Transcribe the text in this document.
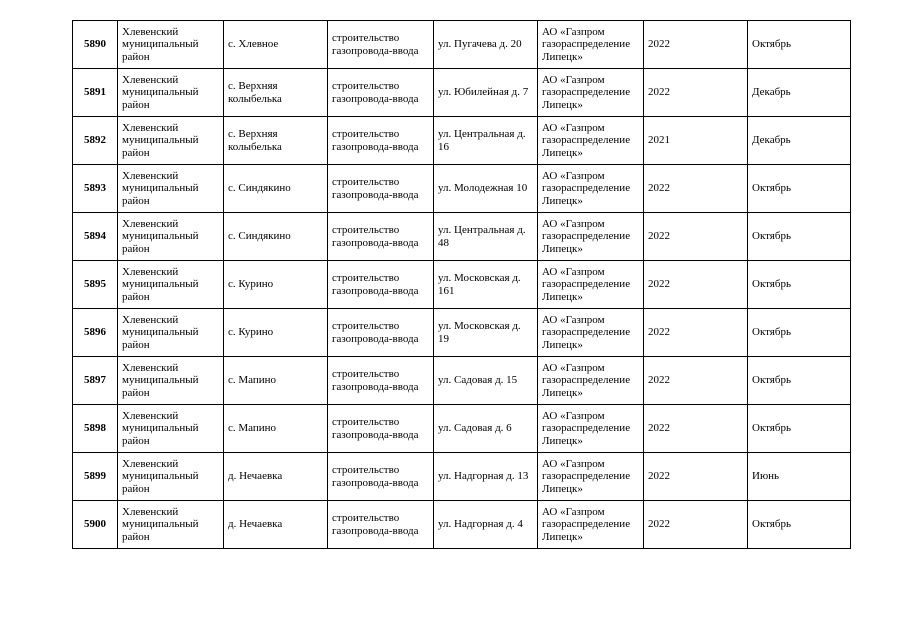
5890	Хлевенский муниципальный район	с. Хлевное	строительство газопровода-ввода	ул. Пугачева д. 20	АО «Газпром газораспределение Липецк»	2022	Октябрь
5891	Хлевенский муниципальный район	с. Верхняя колыбелька	строительство газопровода-ввода	ул. Юбилейная д. 7	АО «Газпром газораспределение Липецк»	2022	Декабрь
5892	Хлевенский муниципальный район	с. Верхняя колыбелька	строительство газопровода-ввода	ул. Центральная д. 16	АО «Газпром газораспределение Липецк»	2021	Декабрь
5893	Хлевенский муниципальный район	с. Синдякино	строительство газопровода-ввода	ул. Молодежная 10	АО «Газпром газораспределение Липецк»	2022	Октябрь
5894	Хлевенский муниципальный район	с. Синдякино	строительство газопровода-ввода	ул. Центральная д. 48	АО «Газпром газораспределение Липецк»	2022	Октябрь
5895	Хлевенский муниципальный район	с. Курино	строительство газопровода-ввода	ул. Московская д. 161	АО «Газпром газораспределение Липецк»	2022	Октябрь
5896	Хлевенский муниципальный район	с. Курино	строительство газопровода-ввода	ул. Московская д. 19	АО «Газпром газораспределение Липецк»	2022	Октябрь
5897	Хлевенский муниципальный район	с. Мапино	строительство газопровода-ввода	ул. Садовая д. 15	АО «Газпром газораспределение Липецк»	2022	Октябрь
5898	Хлевенский муниципальный район	с. Мапино	строительство газопровода-ввода	ул. Садовая д. 6	АО «Газпром газораспределение Липецк»	2022	Октябрь
5899	Хлевенский муниципальный район	д. Нечаевка	строительство газопровода-ввода	ул. Надгорная д. 13	АО «Газпром газораспределение Липецк»	2022	Июнь
5900	Хлевенский муниципальный район	д. Нечаевка	строительство газопровода-ввода	ул. Надгорная д. 4	АО «Газпром газораспределение Липецк»	2022	Октябрь
